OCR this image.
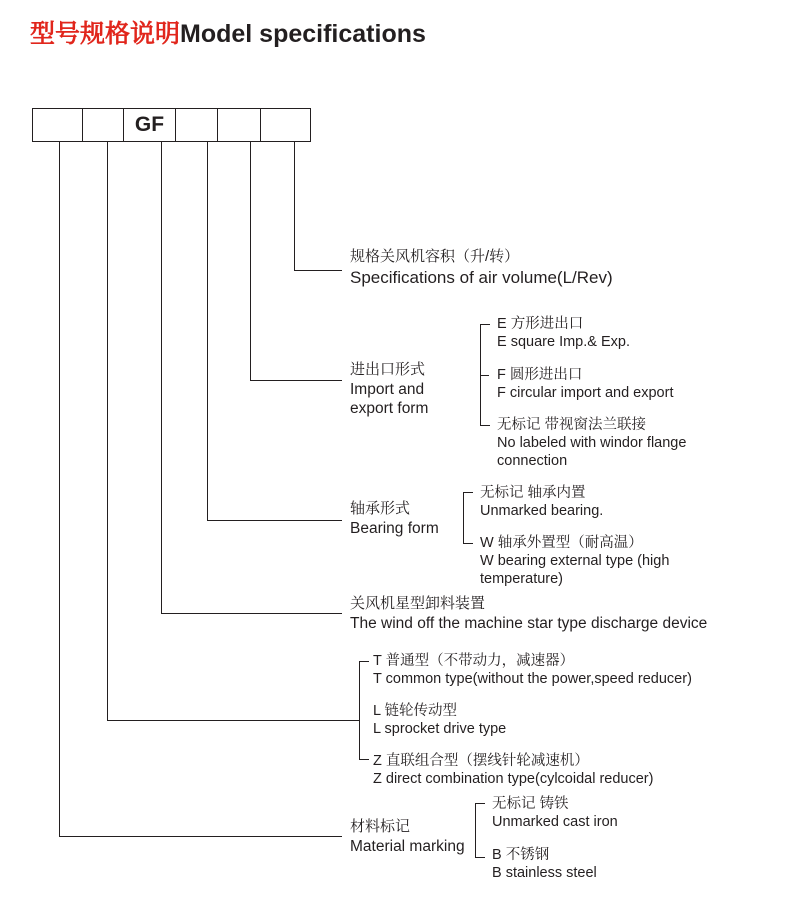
型号规格说明Model specifications
GF
规格关风机容积（升/转）
Specifications of air volume(L/Rev)
进出口形式
Import and export form
E 方形进出口
E square Imp.& Exp.
F 圆形进出口
F circular import and export
无标记 带视窗法兰联接
No labeled with windor flange connection
轴承形式
Bearing form
无标记 轴承内置
Unmarked bearing.
W 轴承外置型（耐高温）
W bearing external type (high temperature)
关风机星型卸料装置
The wind off the machine star type discharge device
T 普通型（不带动力，减速器）
T common type(without the power,speed reducer)
L 链轮传动型
L sprocket drive type
Z 直联组合型（摆线针轮减速机）
Z direct combination type(cylcoidal reducer)
材料标记
Material marking
无标记 铸铁
Unmarked cast iron
B 不锈钢
B stainless steel
